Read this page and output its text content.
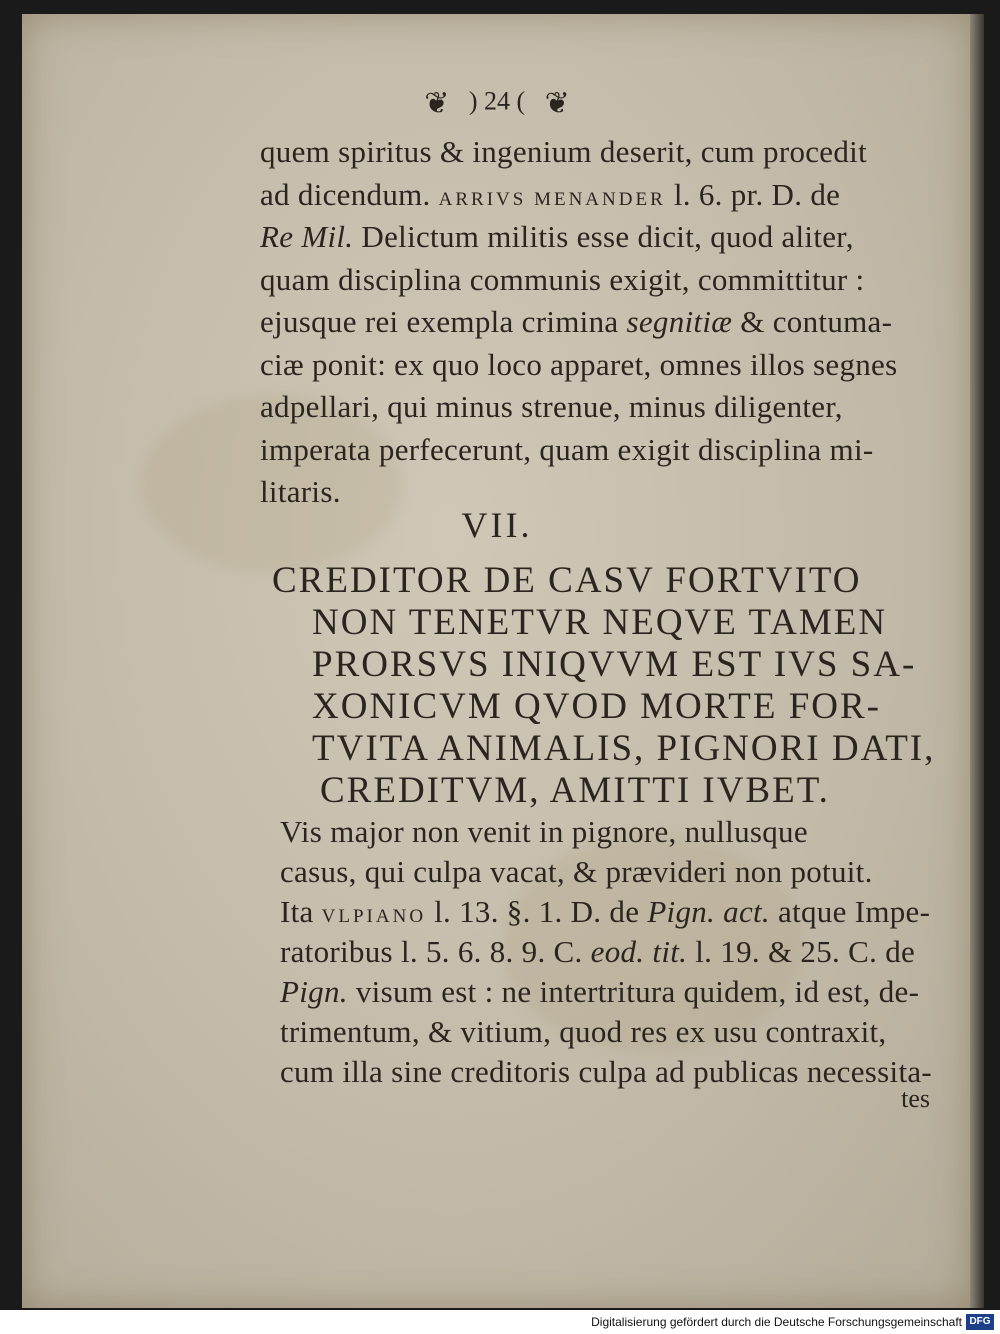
❦ ) 24 ( ❦
quem spiritus & ingenium deserit, cum procedit
ad dicendum. ARRIVS MENANDER l. 6. pr. D. de
Re Mil. Delictum militis esse dicit, quod aliter,
quam disciplina communis exigit, committitur :
ejusque rei exempla crimina segnitiæ & contuma-
ciæ ponit: ex quo loco apparet, omnes illos segnes
adpellari, qui minus strenue, minus diligenter,
imperata perfecerunt, quam exigit disciplina mi-
litaris.
VII.
CREDITOR DE CASV FORTVITO
NON TENETVR NEQVE TAMEN
PRORSVS INIQVVM EST IVS SA-
XONICVM QVOD MORTE FOR-
TVITA ANIMALIS, PIGNORI DATI,
CREDITVM, AMITTI IVBET.
Vis major non venit in pignore, nullusque
casus, qui culpa vacat, & prævideri non potuit.
Ita VLPIANO l. 13. §. 1. D. de Pign. act. atque Impe-
ratoribus l. 5. 6. 8. 9. C. eod. tit. l. 19. & 25. C. de
Pign. visum est : ne intertritura quidem, id est, de-
trimentum, & vitium, quod res ex usu contraxit,
cum illa sine creditoris culpa ad publicas necessita-
tes
Digitalisierung gefördert durch die Deutsche Forschungsgemeinschaft DFG
